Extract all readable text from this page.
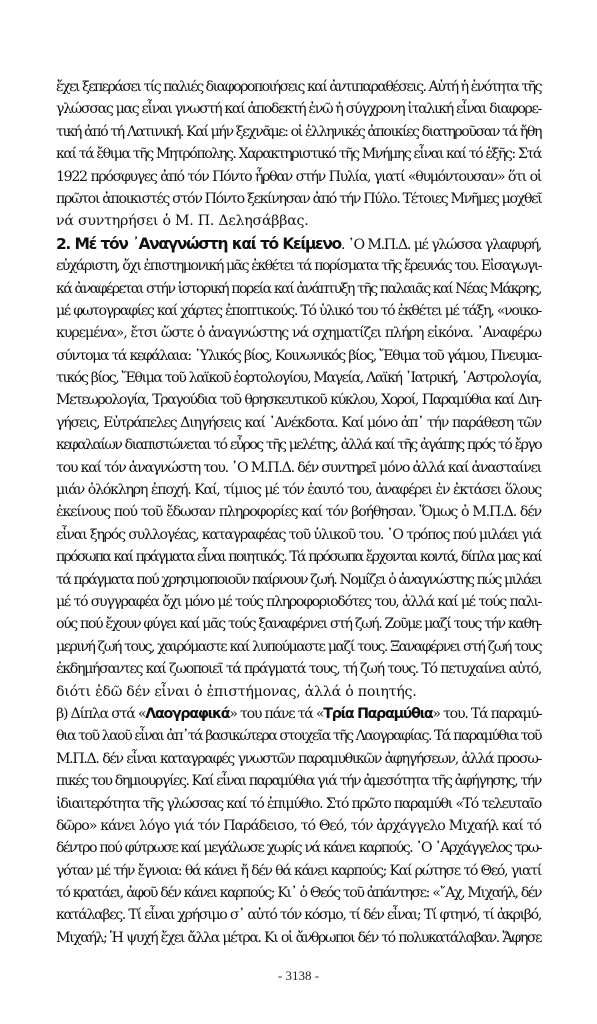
ἔχει ξεπεράσει τίς παλιές διαφοροποιήσεις καί ἀντιπαραθέσεις. Αὐτή ἡ ἑνότητα τῆς
γλώσσας μας εἶναι γνωστή καί ἀποδεκτή ἐνῶ ἡ σύγχρονη ἰταλική εἶναι διαφορε-
τική ἀπό τή Λατινική. Καί μήν ξεχνᾶμε: οἱ ἑλληνικές ἀποικίες διατηροῦσαν τά ἤθη
καί τά ἔθιμα τῆς Μητρόπολης. Χαρακτηριστικό τῆς Μνήμης εἶναι καί τό ἑξῆς: Στά
1922 πρόσφυγες ἀπό τόν Πόντο ἦρθαν στήν Πυλία, γιατί «θυμόντουσαν» ὅτι οἱ
πρῶτοι ἀποικιστές στόν Πόντο ξεκίνησαν ἀπό τήν Πύλο. Τέτοιες Μνῆμες μοχθεῖ
νά συντηρήσει ὁ Μ. Π. Δελησάββας.
2. Μέ τόν ᾿Αναγνώστη καί τό Κείμενο. ῾Ο Μ.Π.Δ. μέ γλώσσα γλαφυρή,
εὐχάριστη, ὄχι ἐπιστημονική μᾶς ἐκθέτει τά πορίσματα τῆς ἔρευνάς του. Εἰσαγωγι-
κά ἀναφέρεται στήν ἱστορική πορεία καί ἀνάπτυξη τῆς παλαιᾶς καί Νέας Μάκρης,
μέ φωτογραφίες καί χάρτες ἐποπτικούς. Τό ὑλικό του τό ἐκθέτει μέ τάξη, «νοικο-
κυρεμένα», ἔτσι ὥστε ὁ ἀναγνώστης νά σχηματίζει πλήρη εἰκόνα. ᾿Αναφέρω
σύντομα τά κεφάλαια: ῾Υλικός βίος, Κοινωνικός βίος, Ἔθιμα τοῦ γάμου, Πνευμα-
τικός βίος, Ἔθιμα τοῦ λαϊκοῦ ἑορτολογίου, Μαγεία, Λαϊκή ᾿Ιατρική, ᾿Αστρολογία,
Μετεωρολογία, Τραγούδια τοῦ θρησκευτικοῦ κύκλου, Χοροί, Παραμύθια καί Διη-
γήσεις, Εὐτράπελες Διηγήσεις καί ᾿Ανέκδοτα. Καί μόνο ἀπ᾿ τήν παράθεση τῶν
κεφαλαίων διαπιστώνεται τό εὖρος τῆς μελέτης, ἀλλά καί τῆς ἀγάπης πρός τό ἔργο
του καί τόν ἀναγνώστη του. ῾Ο Μ.Π.Δ. δέν συντηρεῖ μόνο ἀλλά καί ἀνασταίνει
μιάν ὁλόκληρη ἐποχή. Καί, τίμιος μέ τόν ἑαυτό του, ἀναφέρει ἐν ἐκτάσει ὅλους
ἐκείνους πού τοῦ ἔδωσαν πληροφορίες καί τόν βοήθησαν. Ὅμως ὁ Μ.Π.Δ. δέν
εἶναι ξηρός συλλογέας, καταγραφέας τοῦ ὑλικοῦ του. ῾Ο τρόπος πού μιλάει γιά
πρόσωπα καί πράγματα εἶναι ποιητικός. Τά πρόσωπα ἔρχονται κοντά, δίπλα μας καί
τά πράγματα πού χρησιμοποιοῦν παίρνουν ζωή. Νομίζει ὁ ἀναγνώστης πώς μιλάει
μέ τό συγγραφέα ὄχι μόνο μέ τούς πληροφοριοδότες του, ἀλλά καί μέ τούς παλι-
ούς πού ἔχουν φύγει καί μᾶς τούς ξαναφέρνει στή ζωή. Ζοῦμε μαζί τους τήν καθη-
μερινή ζωή τους, χαιρόμαστε καί λυπούμαστε μαζί τους. Ξαναφέρνει στή ζωή τους
ἐκδημήσαντες καί ζωοποιεῖ τά πράγματά τους, τή ζωή τους. Τό πετυχαίνει αὐτό,
διότι ἐδῶ δέν εἶναι ὁ ἐπιστήμονας, ἀλλά ὁ ποιητής.
β) Δίπλα στά «Λαογραφικά» του πάνε τά «Τρία Παραμύθια» του. Τά παραμύ-
θια τοῦ λαοῦ εἶναι ἀπ᾿τά βασικώτερα στοιχεῖα τῆς Λαογραφίας. Τά παραμύθια τοῦ
Μ.Π.Δ. δέν εἶναι καταγραφές γνωστῶν παραμυθικῶν ἀφηγήσεων, ἀλλά προσω-
πικές του δημιουργίες. Καί εἶναι παραμύθια γιά τήν ἀμεσότητα τῆς ἀφήγησης, τήν
ἰδιαιτερότητα τῆς γλώσσας καί τό ἐπιμύθιο. Στό πρῶτο παραμύθι «Τό τελευταῖο
δῶρο» κάνει λόγο γιά τόν Παράδεισο, τό Θεό, τόν ἀρχάγγελο Μιχαήλ καί τό
δέντρο πού φύτρωσε καί μεγάλωσε χωρίς νά κάνει καρπούς. ῾Ο ᾿Αρχάγγελος τρω-
γόταν μέ τήν ἔγνοια: θά κάνει ἤ δέν θά κάνει καρπούς; Καί ρώτησε τό Θεό, γιατί
τό κρατάει, ἀφοῦ δέν κάνει καρπούς; Κι᾿ ὁ Θεός τοῦ ἀπάντησε: «῎Αχ, Μιχαήλ, δέν
κατάλαβες. Τί εἶναι χρήσιμο σ᾿ αὐτό τόν κόσμο, τί δέν εἶναι; Τί φτηνό, τί ἀκριβό,
Μιχαήλ; Ἡ ψυχή ἔχει ἄλλα μέτρα. Κι οἱ ἄνθρωποι δέν τό πολυκατάλαβαν. Ἄφησε
- 3138 -
